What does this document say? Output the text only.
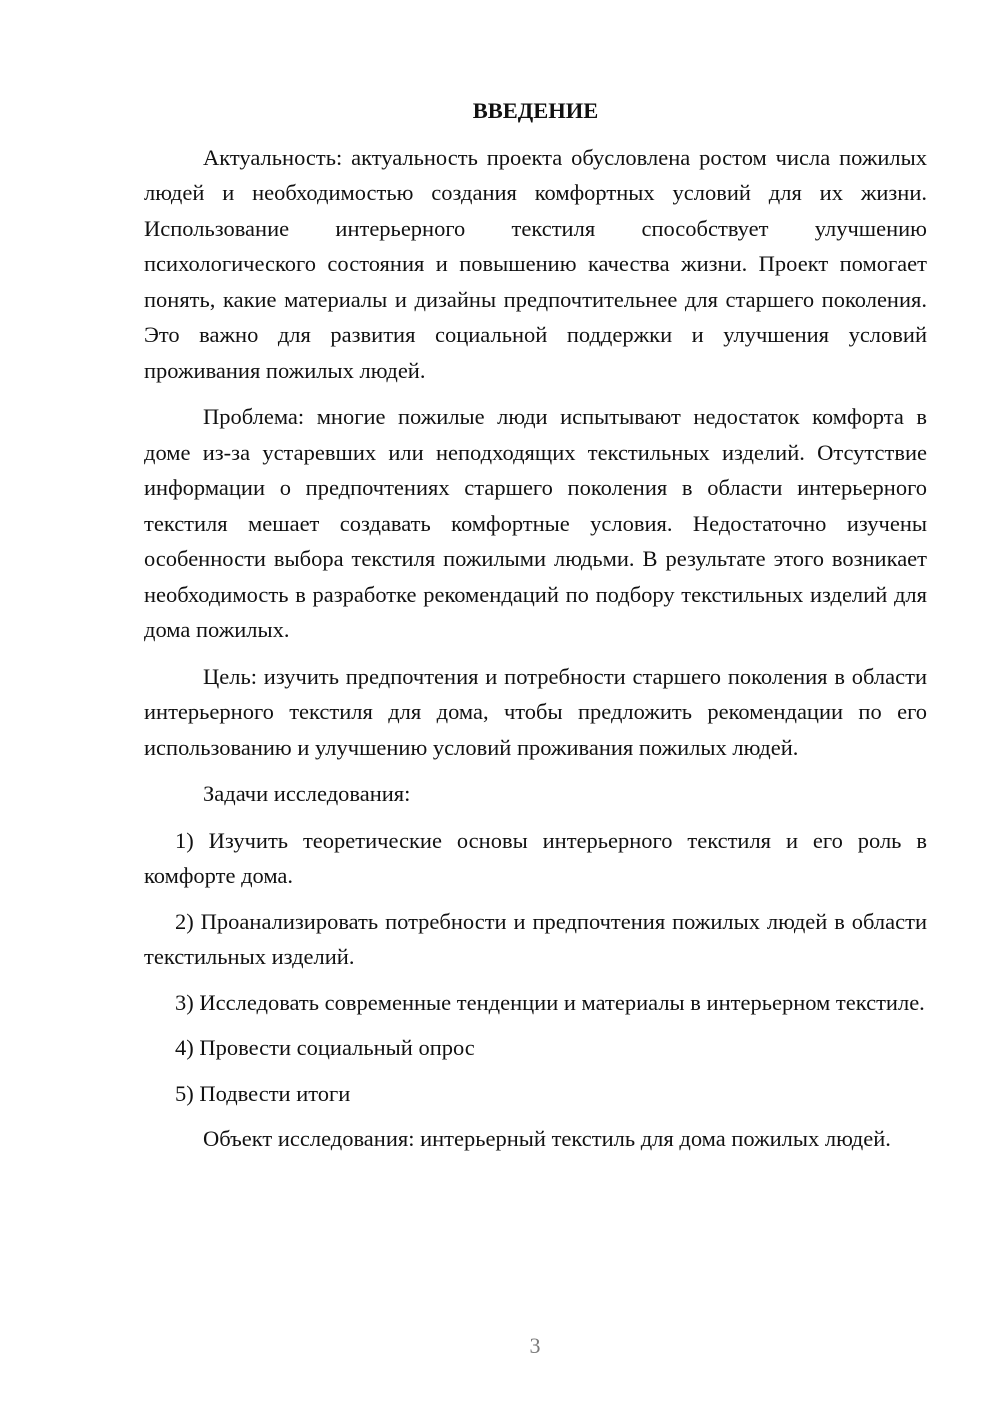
ВВЕДЕНИЕ

Актуальность: актуальность проекта обусловлена ростом числа пожилых людей и необходимостью создания комфортных условий для их жизни. Использование интерьерного текстиля способствует улучшению психологического состояния и повышению качества жизни. Проект помогает понять, какие материалы и дизайны предпочтительнее для старшего поколения. Это важно для развития социальной поддержки и улучшения условий проживания пожилых людей.

Проблема: многие пожилые люди испытывают недостаток комфорта в доме из-за устаревших или неподходящих текстильных изделий. Отсутствие информации о предпочтениях старшего поколения в области интерьерного текстиля мешает создавать комфортные условия. Недостаточно изучены особенности выбора текстиля пожилыми людьми. В результате этого возникает необходимость в разработке рекомендаций по подбору текстильных изделий для дома пожилых.

Цель: изучить предпочтения и потребности старшего поколения в области интерьерного текстиля для дома, чтобы предложить рекомендации по его использованию и улучшению условий проживания пожилых людей.

Задачи исследования:

1) Изучить теоретические основы интерьерного текстиля и его роль в комфорте дома.

2) Проанализировать потребности и предпочтения пожилых людей в области текстильных изделий.

3) Исследовать современные тенденции и материалы в интерьерном текстиле.

4) Провести социальный опрос

5) Подвести итоги

Объект исследования: интерьерный текстиль для дома пожилых людей.

3
